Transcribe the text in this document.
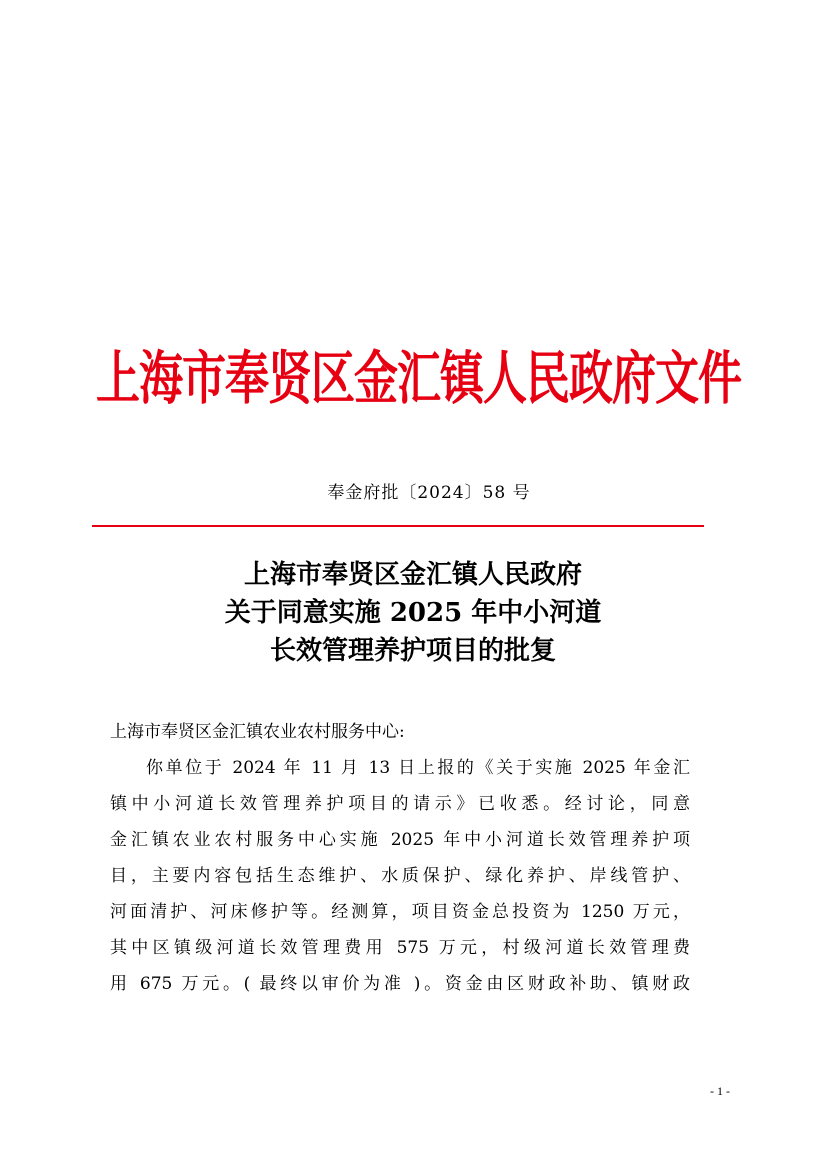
上海市奉贤区金汇镇人民政府文件
奉金府批〔2024〕58 号
上海市奉贤区金汇镇人民政府
关于同意实施 2025 年中小河道
长效管理养护项目的批复
上海市奉贤区金汇镇农业农村服务中心:
你单位于 2024 年 11 月 13 日上报的《关于实施 2025 年金汇
镇中小河道长效管理养护项目的请示》已收悉。经讨论，同意
金汇镇农业农村服务中心实施 2025 年中小河道长效管理养护项
目，主要内容包括生态维护、水质保护、绿化养护、岸线管护、
河面清护、河床修护等。经测算，项目资金总投资为 1250 万元，
其中区镇级河道长效管理费用 575 万元，村级河道长效管理费
用 675 万元。( 最终以审价为准 )。资金由区财政补助、镇财政
- 1 -
